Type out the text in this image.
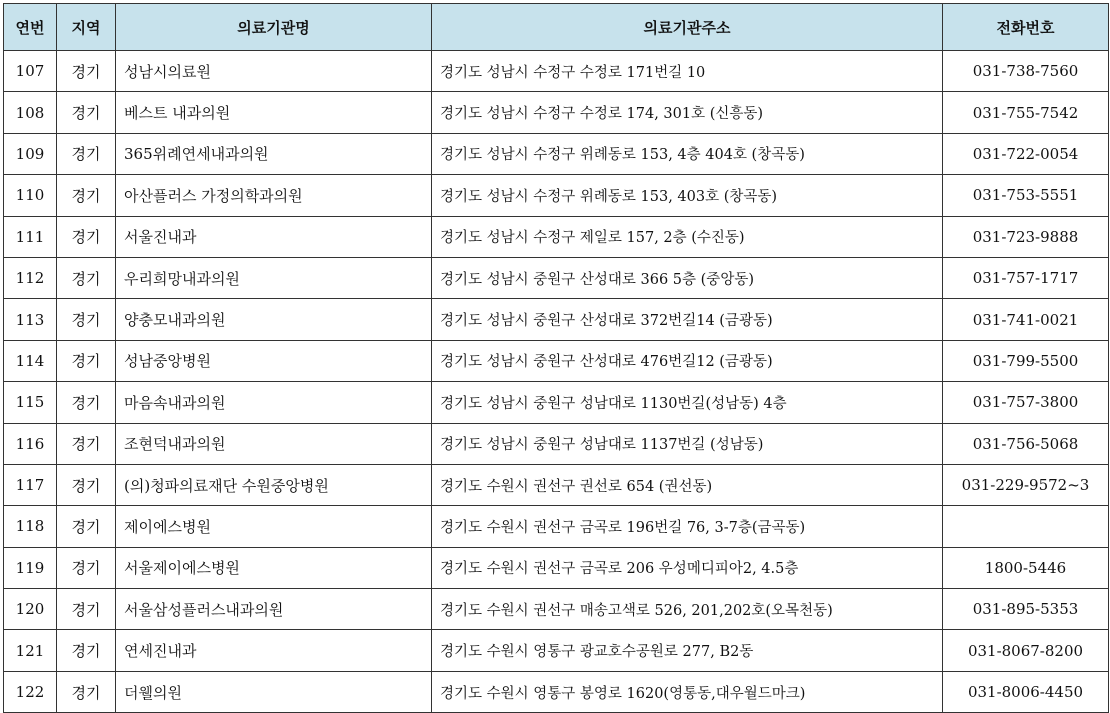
연번	지역	의료기관명	의료기관주소	전화번호
107	경기	성남시의료원	경기도 성남시 수정구 수정로 171번길 10	031-738-7560
108	경기	베스트 내과의원	경기도 성남시 수정구 수정로 174, 301호 (신흥동)	031-755-7542
109	경기	365위례연세내과의원	경기도 성남시 수정구 위례동로 153, 4층 404호 (창곡동)	031-722-0054
110	경기	아산플러스 가정의학과의원	경기도 성남시 수정구 위례동로 153, 403호 (창곡동)	031-753-5551
111	경기	서울진내과	경기도 성남시 수정구 제일로 157, 2층 (수진동)	031-723-9888
112	경기	우리희망내과의원	경기도 성남시 중원구 산성대로 366 5층 (중앙동)	031-757-1717
113	경기	양충모내과의원	경기도 성남시 중원구 산성대로 372번길14 (금광동)	031-741-0021
114	경기	성남중앙병원	경기도 성남시 중원구 산성대로 476번길12 (금광동)	031-799-5500
115	경기	마음속내과의원	경기도 성남시 중원구 성남대로 1130번길(성남동) 4층	031-757-3800
116	경기	조현덕내과의원	경기도 성남시 중원구 성남대로 1137번길 (성남동)	031-756-5068
117	경기	(의)청파의료재단 수원중앙병원	경기도 수원시 권선구 권선로 654 (권선동)	031-229-9572~3
118	경기	제이에스병원	경기도 수원시 권선구 금곡로 196번길 76, 3-7층(금곡동)	
119	경기	서울제이에스병원	경기도 수원시 권선구 금곡로 206 우성메디피아2, 4.5층	1800-5446
120	경기	서울삼성플러스내과의원	경기도 수원시 권선구 매송고색로 526, 201,202호(오목천동)	031-895-5353
121	경기	연세진내과	경기도 수원시 영통구 광교호수공원로 277, B2동	031-8067-8200
122	경기	더웰의원	경기도 수원시 영통구 봉영로 1620(영통동,대우월드마크)	031-8006-4450
